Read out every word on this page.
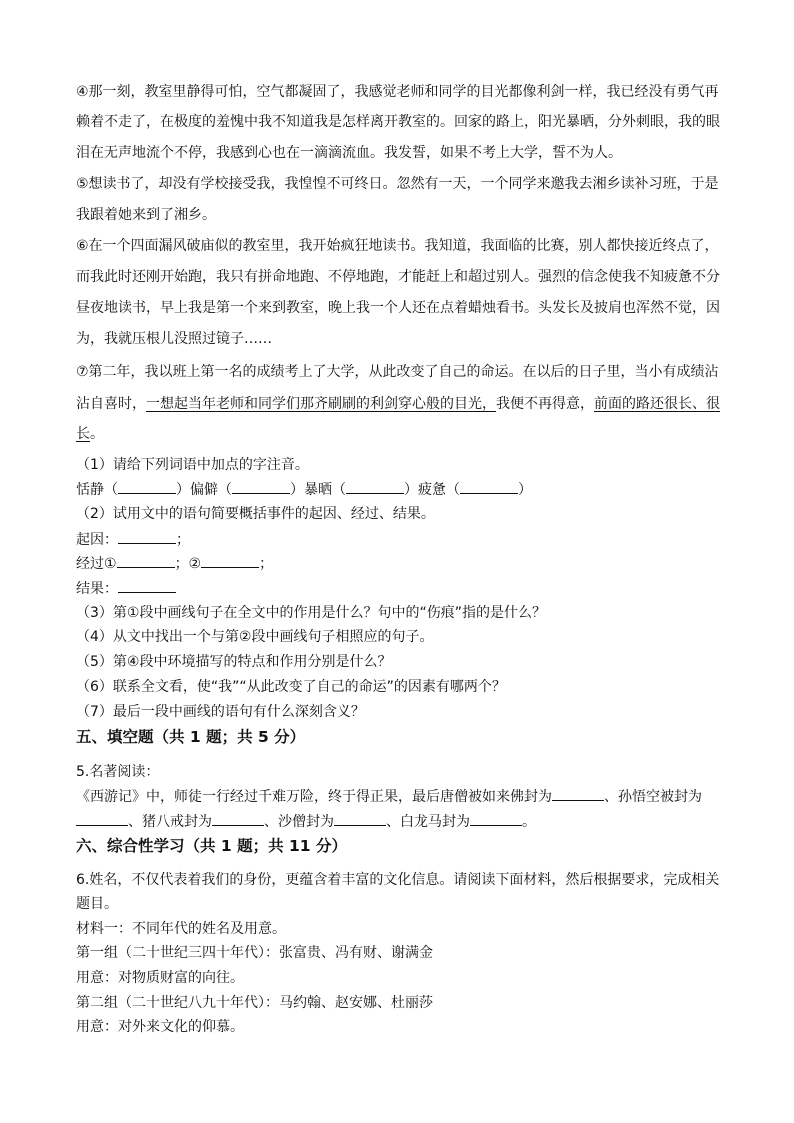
④那一刻，教室里静得可怕，空气都凝固了，我感觉老师和同学的目光都像利剑一样，我已经没有勇气再
赖着不走了，在极度的羞愧中我不知道我是怎样离开教室的。回家的路上，阳光暴晒，分外刺眼，我的眼
泪在无声地流个不停，我感到心也在一滴滴流血。我发誓，如果不考上大学，誓不为人。
⑤想读书了，却没有学校接受我，我惶惶不可终日。忽然有一天，一个同学来邀我去湘乡读补习班，于是
我跟着她来到了湘乡。
⑥在一个四面漏风破庙似的教室里，我开始疯狂地读书。我知道，我面临的比赛，别人都快接近终点了，
而我此时还刚开始跑，我只有拼命地跑、不停地跑，才能赶上和超过别人。强烈的信念使我不知疲惫不分
昼夜地读书，早上我是第一个来到教室，晚上我一个人还在点着蜡烛看书。头发长及披肩也浑然不觉，因
为，我就压根儿没照过镜子……
⑦第二年，我以班上第一名的成绩考上了大学，从此改变了自己的命运。在以后的日子里，当小有成绩沾
沾自喜时，一想起当年老师和同学们那齐刷刷的利剑穿心般的目光，我便不再得意，前面的路还很长、很
长。
（1）请给下列词语中加点的字注音。
恬静（	）偏僻（	）暴晒（	）疲惫（	）
（2）试用文中的语句简要概括事件的起因、经过、结果。
起因：	；
经过①	；②	；
结果：
（3）第①段中画线句子在全文中的作用是什么？句中的“伤痕”指的是什么？
（4）从文中找出一个与第②段中画线句子相照应的句子。
（5）第④段中环境描写的特点和作用分别是什么？
（6）联系全文看，使“我”“从此改变了自己的命运”的因素有哪两个？
（7）最后一段中画线的语句有什么深刻含义？
五、填空题（共 1 题；共 5 分）
5.名著阅读：
《西游记》中，师徒一行经过千难万险，终于得正果，最后唐僧被如来佛封为	、孙悟空被封为
、猪八戒封为	、沙僧封为	、白龙马封为	。
六、综合性学习（共 1 题；共 11 分）
6.姓名，不仅代表着我们的身份，更蕴含着丰富的文化信息。请阅读下面材料，然后根据要求，完成相关
题目。
材料一：不同年代的姓名及用意。
第一组（二十世纪三四十年代）：张富贵、冯有财、谢满金
用意：对物质财富的向往。
第二组（二十世纪八九十年代）：马约翰、赵安娜、杜丽莎
用意：对外来文化的仰慕。
